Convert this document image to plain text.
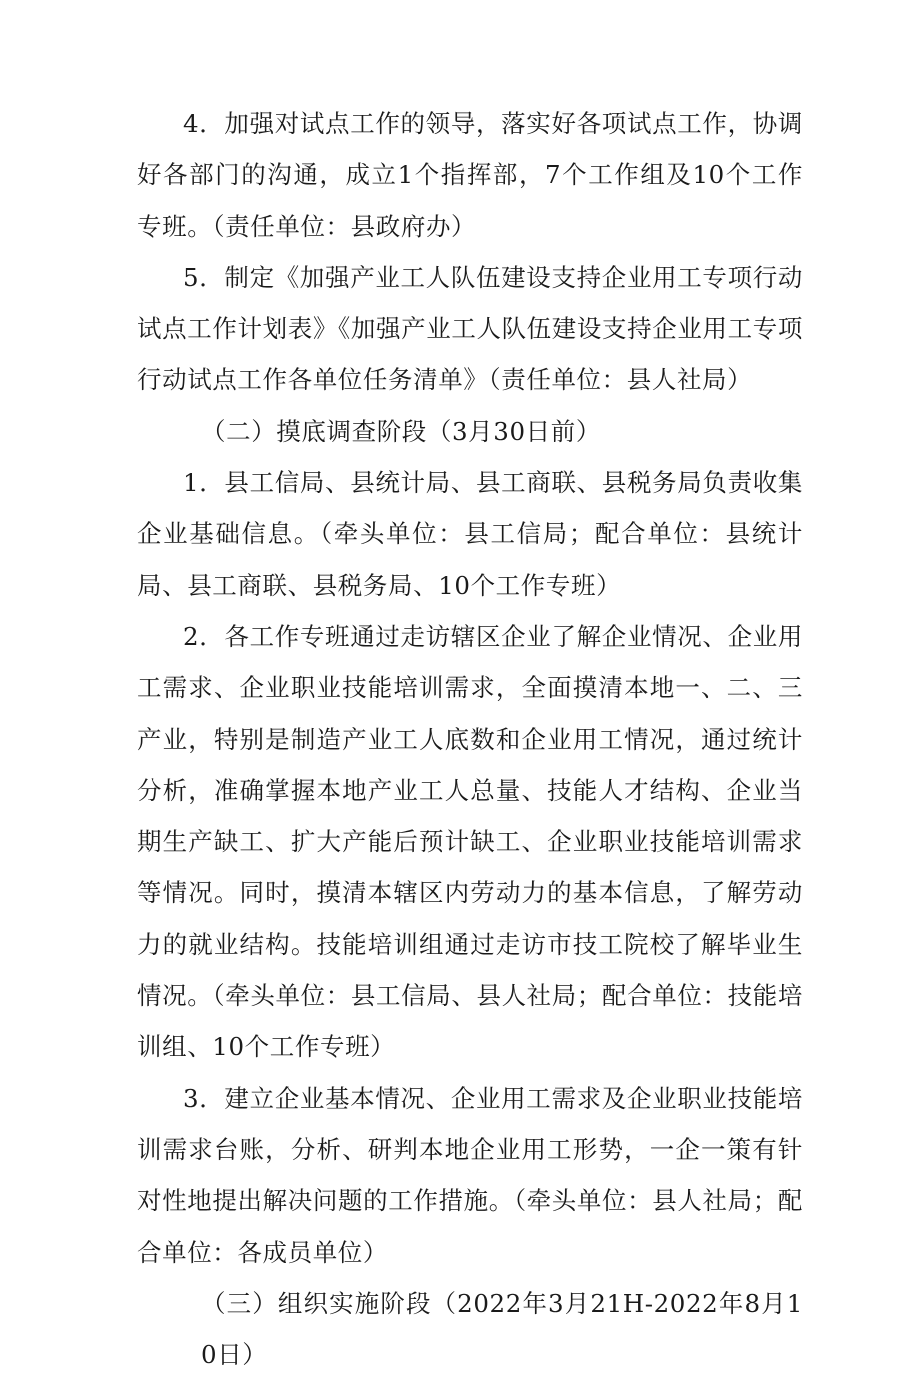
4．加强对试点工作的领导，落实好各项试点工作，协调好各部门的沟通，成立1个指挥部，7个工作组及10个工作专班。（责任单位：县政府办）

5．制定《加强产业工人队伍建设支持企业用工专项行动试点工作计划表》《加强产业工人队伍建设支持企业用工专项行动试点工作各单位任务清单》（责任单位：县人社局）

（二）摸底调查阶段（3月30日前）

1．县工信局、县统计局、县工商联、县税务局负责收集企业基础信息。（牵头单位：县工信局；配合单位：县统计局、县工商联、县税务局、10个工作专班）

2．各工作专班通过走访辖区企业了解企业情况、企业用工需求、企业职业技能培训需求，全面摸清本地一、二、三产业，特别是制造产业工人底数和企业用工情况，通过统计分析，准确掌握本地产业工人总量、技能人才结构、企业当期生产缺工、扩大产能后预计缺工、企业职业技能培训需求等情况。同时，摸清本辖区内劳动力的基本信息，了解劳动力的就业结构。技能培训组通过走访市技工院校了解毕业生情况。（牵头单位：县工信局、县人社局；配合单位：技能培训组、10个工作专班）

3．建立企业基本情况、企业用工需求及企业职业技能培训需求台账，分析、研判本地企业用工形势，一企一策有针对性地提出解决问题的工作措施。（牵头单位：县人社局；配合单位：各成员单位）

（三）组织实施阶段（2022年3月21H-2022年8月10日）
